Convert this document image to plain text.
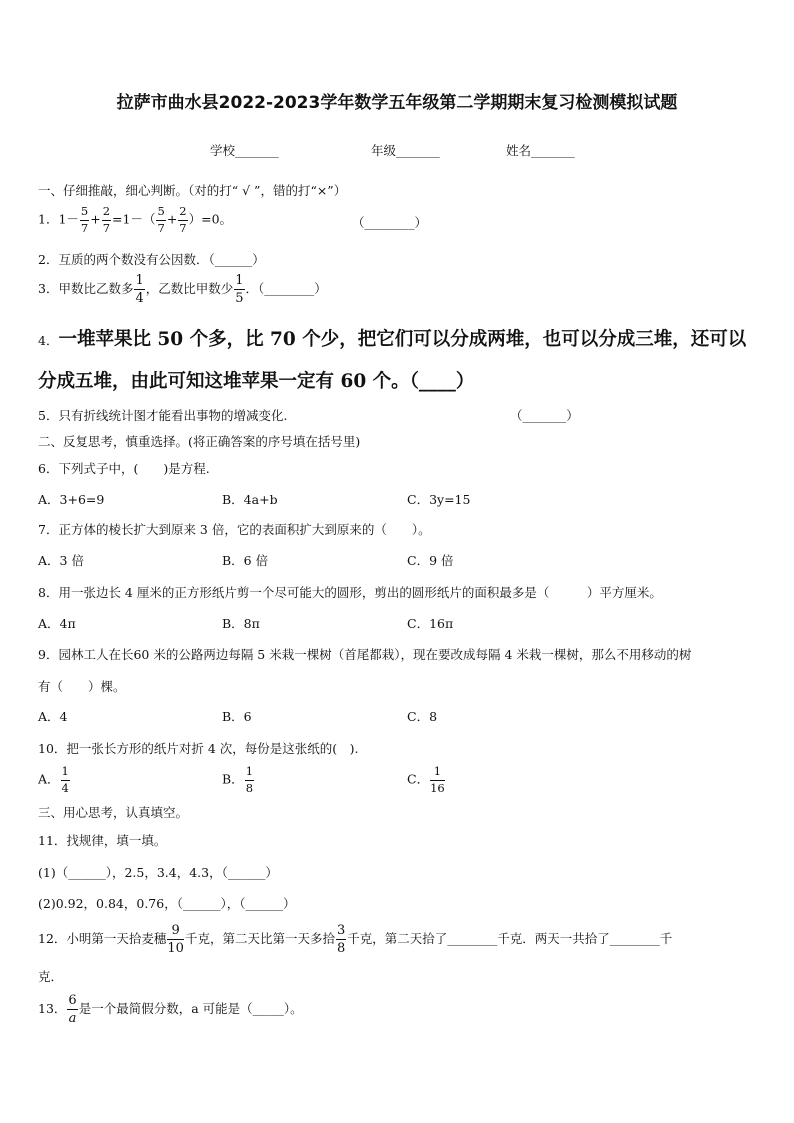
拉萨市曲水县2022-2023学年数学五年级第二学期期末复习检测模拟试题
学校_______	年级_______	姓名_______
一、仔细推敲，细心判断。（对的打“ √ ”，错的打“×”）
1．$1- \frac{5}{7} + \frac{2}{7} =1-( \frac{5}{7} + \frac{2}{7} )=0$。	（________）
2．互质的两个数没有公因数．（______）
3．甲数比乙数多 $\frac{1}{4}$ ，乙数比甲数少 $\frac{1}{5}$ ．（________）
4．一堆苹果比 50 个多，比 70 个少，把它们可以分成两堆，也可以分成三堆，还可以
分成五堆，由此可知这堆苹果一定有 60 个。（____）
5．只有折线统计图才能看出事物的增减变化.	（_______）
二、反复思考，慎重选择。(将正确答案的序号填在括号里)
6．下列式子中，(　　)是方程.
A．3+6=9	B．4a+b	C．3y=15
7．正方体的棱长扩大到原来 3 倍，它的表面积扩大到原来的（　　）。
A．3 倍	B．6 倍	C．9 倍
8．用一张边长 4 厘米的正方形纸片剪一个尽可能大的圆形，剪出的圆形纸片的面积最多是（　　　）平方厘米。
A．4π	B．8π	C．16π
9．园林工人在长60 米的公路两边每隔 5 米栽一棵树（首尾都栽），现在要改成每隔 4 米栽一棵树，那么不用移动的树
有（　　）棵。
A．4	B．6	C．8
10．把一张长方形的纸片对折 4 次，每份是这张纸的(　).
A． $\frac{1}{4}$	B． $\frac{1}{8}$	C． $\frac{1}{16}$
三、用心思考，认真填空。
11．找规律，填一填。
(1)（______），2.5，3.4，4.3，（______）
(2)0.92，0.84，0.76，（______），（______）
12．小明第一天拾麦穗 $\frac{9}{10}$ 千克，第二天比第一天多拾 $\frac{3}{8}$ 千克，第二天拾了________千克．两天一共拾了________千
克．
13． $\frac{6}{a}$ 是一个最简假分数，a 可能是（_____）。
